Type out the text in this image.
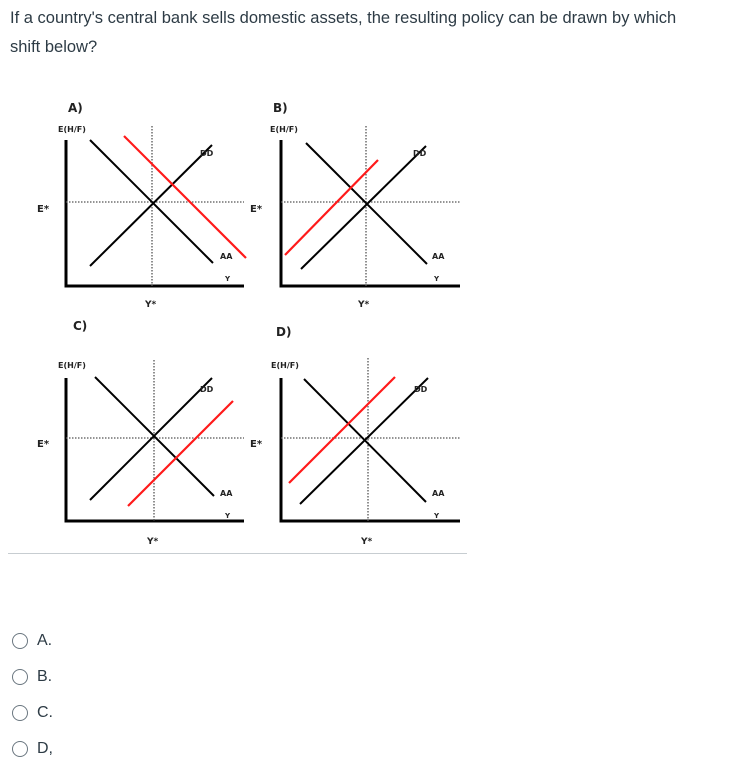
If a country's central bank sells domestic assets, the resulting policy can be drawn by which shift below?
A)
E(H/F)
DD
AA
E*
Y*
Y
B)
E(H/F)
DD
AA
E*
Y*
Y
C)
E(H/F)
DD
AA
E*
Y*
Y
D)
E(H/F)
DD
AA
E*
Y*
Y
A.
B.
C.
D,
